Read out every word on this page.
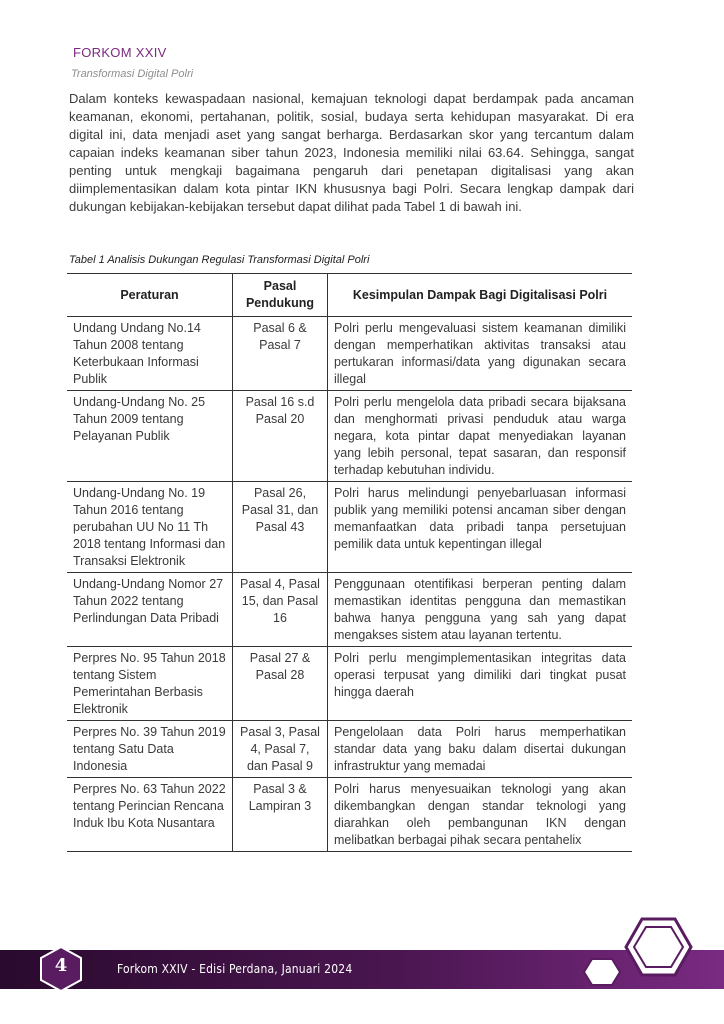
FORKOM XXIV
Transformasi Digital Polri

Dalam konteks kewaspadaan nasional, kemajuan teknologi dapat berdampak pada ancaman keamanan, ekonomi, pertahanan, politik, sosial, budaya serta kehidupan masyarakat. Di era digital ini, data menjadi aset yang sangat berharga. Berdasarkan skor yang tercantum dalam capaian indeks keamanan siber tahun 2023, Indonesia memiliki nilai 63.64. Sehingga, sangat penting untuk mengkaji bagaimana pengaruh dari penetapan digitalisasi yang akan diimplementasikan dalam kota pintar IKN khususnya bagi Polri. Secara lengkap dampak dari dukungan kebijakan-kebijakan tersebut dapat dilihat pada Tabel 1 di bawah ini.

Tabel 1 Analisis Dukungan Regulasi Transformasi Digital Polri
Peraturan	Pasal Pendukung	Kesimpulan Dampak Bagi Digitalisasi Polri
Undang Undang No.14 Tahun 2008 tentang Keterbukaan Informasi Publik	Pasal 6 & Pasal 7	Polri perlu mengevaluasi sistem keamanan dimiliki dengan memperhatikan aktivitas transaksi atau pertukaran informasi/data yang digunakan secara illegal
Undang-Undang No. 25 Tahun 2009 tentang Pelayanan Publik	Pasal 16 s.d Pasal 20	Polri perlu mengelola data pribadi secara bijaksana dan menghormati privasi penduduk atau warga negara, kota pintar dapat menyediakan layanan yang lebih personal, tepat sasaran, dan responsif terhadap kebutuhan individu.
Undang-Undang No. 19 Tahun 2016 tentang perubahan UU No 11 Th 2018 tentang Informasi dan Transaksi Elektronik	Pasal 26, Pasal 31, dan Pasal 43	Polri harus melindungi penyebarluasan informasi publik yang memiliki potensi ancaman siber dengan memanfaatkan data pribadi tanpa persetujuan pemilik data untuk kepentingan illegal
Undang-Undang Nomor 27 Tahun 2022 tentang Perlindungan Data Pribadi	Pasal 4, Pasal 15, dan Pasal 16	Penggunaan otentifikasi berperan penting dalam memastikan identitas pengguna dan memastikan bahwa hanya pengguna yang sah yang dapat mengakses sistem atau layanan tertentu.
Perpres No. 95 Tahun 2018 tentang Sistem Pemerintahan Berbasis Elektronik	Pasal 27 & Pasal 28	Polri perlu mengimplementasikan integritas data operasi terpusat yang dimiliki dari tingkat pusat hingga daerah
Perpres No. 39 Tahun 2019 tentang Satu Data Indonesia	Pasal 3, Pasal 4, Pasal 7, dan Pasal 9	Pengelolaan data Polri harus memperhatikan standar data yang baku dalam disertai dukungan infrastruktur yang memadai
Perpres No. 63 Tahun 2022 tentang Perincian Rencana Induk Ibu Kota Nusantara	Pasal 3 & Lampiran 3	Polri harus menyesuaikan teknologi yang akan dikembangkan dengan standar teknologi yang diarahkan oleh pembangunan IKN dengan melibatkan berbagai pihak secara pentahelix
4	Forkom XXIV - Edisi Perdana, Januari 2024
